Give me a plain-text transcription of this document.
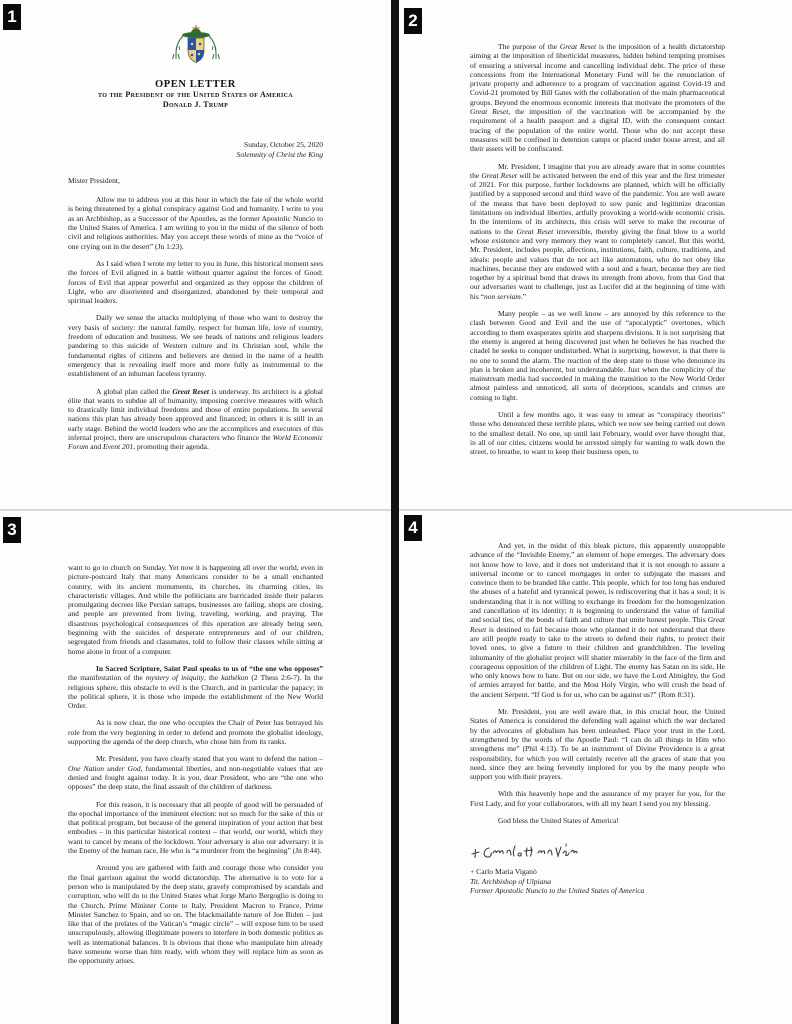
OPEN LETTER
to the President of the United States of America
Donald J. Trump
Sunday, October 25, 2020
Solemnity of Christ the King
Mister President,

Allow me to address you at this hour in which the fate of the whole world is being threatened by a global conspiracy against God and humanity. I write to you as an Archbishop, as a Successor of the Apostles, as the former Apostolic Nuncio to the United States of America. I am writing to you in the midst of the silence of both civil and religious authorities. May you accept these words of mine as the “voice of one crying out in the desert” (Jn 1:23).

As I said when I wrote my letter to you in June, this historical moment sees the forces of Evil aligned in a battle without quarter against the forces of Good; forces of Evil that appear powerful and organized as they oppose the children of Light, who are disoriented and disorganized, abandoned by their temporal and spiritual leaders.

Daily we sense the attacks multiplying of those who want to destroy the very basis of society: the natural family, respect for human life, love of country, freedom of education and business. We see heads of nations and religious leaders pandering to this suicide of Western culture and its Christian soul, while the fundamental rights of citizens and believers are denied in the name of a health emergency that is revealing itself more and more fully as instrumental to the establishment of an inhuman faceless tyranny.

A global plan called the Great Reset is underway. Its architect is a global élite that wants to subdue all of humanity, imposing coercive measures with which to drastically limit individual freedoms and those of entire populations. In several nations this plan has already been approved and financed; in others it is still in an early stage. Behind the world leaders who are the accomplices and executors of this infernal project, there are unscrupulous characters who finance the World Economic Forum and Event 201, promoting their agenda.

The purpose of the Great Reset is the imposition of a health dictatorship aiming at the imposition of liberticidal measures, hidden behind tempting promises of ensuring a universal income and cancelling individual debt. The price of these concessions from the International Monetary Fund will be the renunciation of private property and adherence to a program of vaccination against Covid-19 and Covid-21 promoted by Bill Gates with the collaboration of the main pharmaceutical groups. Beyond the enormous economic interests that motivate the promoters of the Great Reset, the imposition of the vaccination will be accompanied by the requirement of a health passport and a digital ID, with the consequent contact tracing of the population of the entire world. Those who do not accept these measures will be confined in detention camps or placed under house arrest, and all their assets will be confiscated.

Mr. President, I imagine that you are already aware that in some countries the Great Reset will be activated between the end of this year and the first trimester of 2021. For this purpose, further lockdowns are planned, which will be officially justified by a supposed second and third wave of the pandemic. You are well aware of the means that have been deployed to sow panic and legitimize draconian limitations on individual liberties, artfully provoking a world-wide economic crisis. In the intentions of its architects, this crisis will serve to make the recourse of nations to the Great Reset irreversible, thereby giving the final blow to a world whose existence and very memory they want to completely cancel. But this world, Mr. President, includes people, affections, institutions, faith, culture, traditions, and ideals: people and values that do not act like automatons, who do not obey like machines, because they are endowed with a soul and a heart, because they are tied together by a spiritual bond that draws its strength from above, from that God that our adversaries want to challenge, just as Lucifer did at the beginning of time with his “non serviam.”

Many people – as we well know – are annoyed by this reference to the clash between Good and Evil and the use of “apocalyptic” overtones, which according to them exasperates spirits and sharpens divisions. It is not surprising that the enemy is angered at being discovered just when he believes he has reached the citadel he seeks to conquer undisturbed. What is surprising, however, is that there is no one to sound the alarm. The reaction of the deep state to those who denounce its plan is broken and incoherent, but understandable. Just when the complicity of the mainstream media had succeeded in making the transition to the New World Order almost painless and unnoticed, all sorts of deceptions, scandals and crimes are coming to light.

Until a few months ago, it was easy to smear as “conspiracy theorists” those who denounced these terrible plans, which we now see being carried out down to the smallest detail. No one, up until last February, would ever have thought that, in all of our cities, citizens would be arrested simply for wanting to walk down the street, to breathe, to want to keep their business open, to

want to go to church on Sunday. Yet now it is happening all over the world, even in picture-postcard Italy that many Americans consider to be a small enchanted country, with its ancient monuments, its churches, its charming cities, its characteristic villages. And while the politicians are barricaded inside their palaces promulgating decrees like Persian satraps, businesses are failing, shops are closing, and people are prevented from living, traveling, working, and praying. The disastrous psychological consequences of this operation are already being seen, beginning with the suicides of desperate entrepreneurs and of our children, segregated from friends and classmates, told to follow their classes while sitting at home alone in front of a computer.

In Sacred Scripture, Saint Paul speaks to us of “the one who opposes” the manifestation of the mystery of iniquity, the kathèkon (2 Thess 2:6-7). In the religious sphere, this obstacle to evil is the Church, and in particular the papacy; in the political sphere, it is those who impede the establishment of the New World Order.

As is now clear, the one who occupies the Chair of Peter has betrayed his role from the very beginning in order to defend and promote the globalist ideology, supporting the agenda of the deep church, who chose him from its ranks.

Mr. President, you have clearly stated that you want to defend the nation – One Nation under God, fundamental liberties, and non-negotiable values that are denied and fought against today. It is you, dear President, who are “the one who opposes” the deep state, the final assault of the children of darkness.

For this reason, it is necessary that all people of good will be persuaded of the epochal importance of the imminent election: not so much for the sake of this or that political program, but because of the general inspiration of your action that best embodies – in this particular historical context – that world, our world, which they want to cancel by means of the lockdown. Your adversary is also our adversary: it is the Enemy of the human race, He who is “a murderer from the beginning” (Jn 8:44).

Around you are gathered with faith and courage those who consider you the final garrison against the world dictatorship. The alternative is to vote for a person who is manipulated by the deep state, gravely compromised by scandals and corruption, who will do to the United States what Jorge Mario Bergoglio is doing to the Church, Prime Minister Conte to Italy, President Macron to France, Prime Minster Sanchez to Spain, and so on. The blackmailable nature of Joe Biden – just like that of the prelates of the Vatican’s “magic circle” – will expose him to be used unscrupulously, allowing illegitimate powers to interfere in both domestic politics as well as international balances. It is obvious that those who manipulate him already have someone worse than him ready, with whom they will replace him as soon as the opportunity arises.

And yet, in the midst of this bleak picture, this apparently unstoppable advance of the “Invisible Enemy,” an element of hope emerges. The adversary does not know how to love, and it does not understand that it is not enough to assure a universal income or to cancel mortgages in order to subjugate the masses and convince them to be branded like cattle. This people, which for too long has endured the abuses of a hateful and tyrannical power, is rediscovering that it has a soul; it is understanding that it is not willing to exchange its freedom for the homogenization and cancellation of its identity; it is beginning to understand the value of familial and social ties, of the bonds of faith and culture that unite honest people. This Great Reset is destined to fail because those who planned it do not understand that there are still people ready to take to the streets to defend their rights, to protect their loved ones, to give a future to their children and grandchildren. The leveling inhumanity of the globalist project will shatter miserably in the face of the firm and courageous opposition of the children of Light. The enemy has Satan on its side, He who only knows how to hate. But on our side, we have the Lord Almighty, the God of armies arrayed for battle, and the Most Holy Virgin, who will crush the head of the ancient Serpent. “If God is for us, who can be against us?” (Rom 8:31).

Mr. President, you are well aware that, in this crucial hour, the United States of America is considered the defending wall against which the war declared by the advocates of globalism has been unleashed. Place your trust in the Lord, strengthened by the words of the Apostle Paul: “I can do all things in Him who strengthens me” (Phil 4:13). To be an instrument of Divine Providence is a great responsibility, for which you will certainly receive all the graces of state that you need, since they are being fervently implored for you by the many people who support you with their prayers.

With this heavenly hope and the assurance of my prayer for you, for the First Lady, and for your collaborators, with all my heart I send you my blessing.

God bless the United States of America!

+ Carlo Maria Viganò
Tit. Archbishop of Ulpiana
Former Apostolic Nuncio to the United States of America
1	2
3	4
